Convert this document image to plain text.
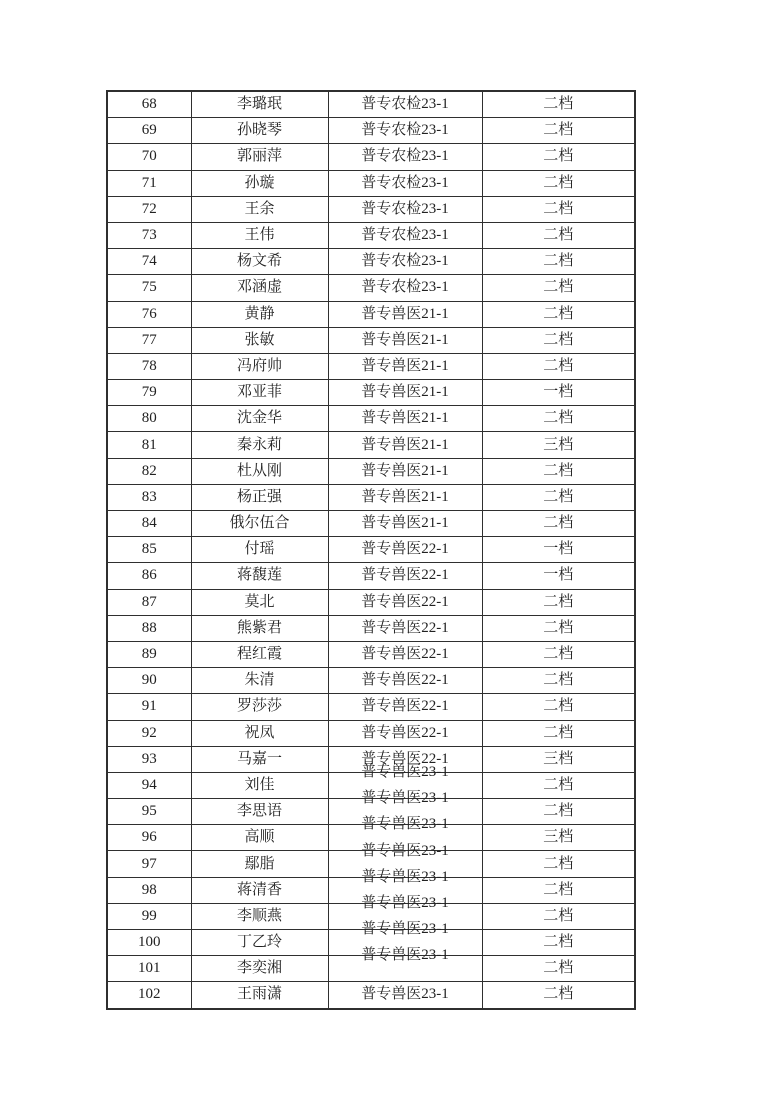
68	李璐珉	普专农检23-1	二档
69	孙晓琴	普专农检23-1	二档
70	郭丽萍	普专农检23-1	二档
71	孙璇	普专农检23-1	二档
72	王余	普专农检23-1	二档
73	王伟	普专农检23-1	二档
74	杨文希	普专农检23-1	二档
75	邓涵虚	普专农检23-1	二档
76	黄静	普专兽医21-1	二档
77	张敏	普专兽医21-1	二档
78	冯府帅	普专兽医21-1	二档
79	邓亚菲	普专兽医21-1	一档
80	沈金华	普专兽医21-1	二档
81	秦永莉	普专兽医21-1	三档
82	杜从刚	普专兽医21-1	二档
83	杨正强	普专兽医21-1	二档
84	俄尔伍合	普专兽医21-1	二档
85	付瑶	普专兽医22-1	一档
86	蒋馥莲	普专兽医22-1	一档
87	莫北	普专兽医22-1	二档
88	熊紫君	普专兽医22-1	二档
89	程红霞	普专兽医22-1	二档
90	朱清	普专兽医22-1	二档
91	罗莎莎	普专兽医22-1	二档
92	祝凤	普专兽医22-1	二档
93	马嘉一	普专兽医22-1	三档
94	刘佳	普专兽医23-1	二档
95	李思语	普专兽医23-1	二档
96	高顺	普专兽医23-1	三档
97	鄢脂	普专兽医23-1	二档
98	蒋清香	普专兽医23-1	二档
99	李顺燕	普专兽医23-1	二档
100	丁乙玲	普专兽医23-1	二档
101	李奕湘	普专兽医23-1	二档
102	王雨潇	普专兽医23-1	二档
